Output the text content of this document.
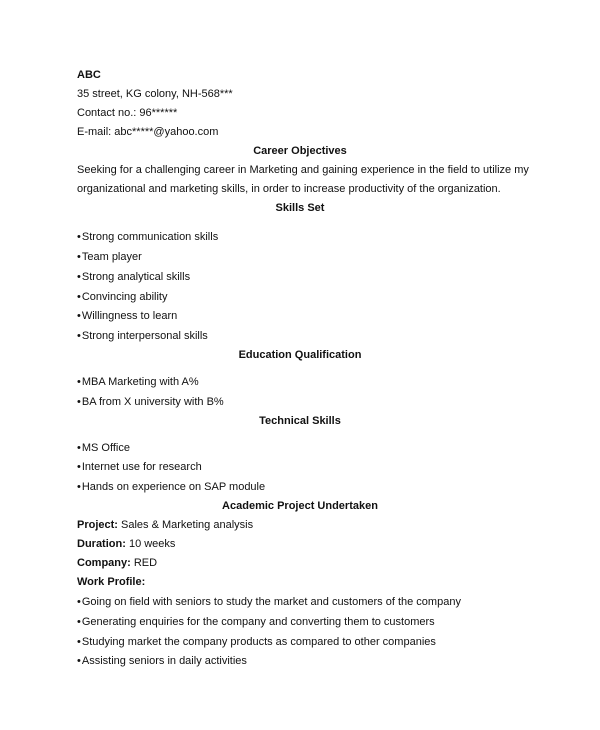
ABC
35 street, KG colony, NH-568***
Contact no.: 96******
E-mail: abc*****@yahoo.com
Career Objectives
Seeking for a challenging career in Marketing and gaining experience in the field to utilize my
organizational and marketing skills, in order to increase productivity of the organization.
Skills Set
•Strong communication skills
•Team player
•Strong analytical skills
•Convincing ability
•Willingness to learn
•Strong interpersonal skills
Education Qualification
•MBA Marketing with A%
•BA from X university with B%
Technical Skills
•MS Office
•Internet use for research
•Hands on experience on SAP module
Academic Project Undertaken
Project: Sales & Marketing analysis
Duration: 10 weeks
Company: RED
Work Profile:
•Going on field with seniors to study the market and customers of the company
•Generating enquiries for the company and converting them to customers
•Studying market the company products as compared to other companies
•Assisting seniors in daily activities
